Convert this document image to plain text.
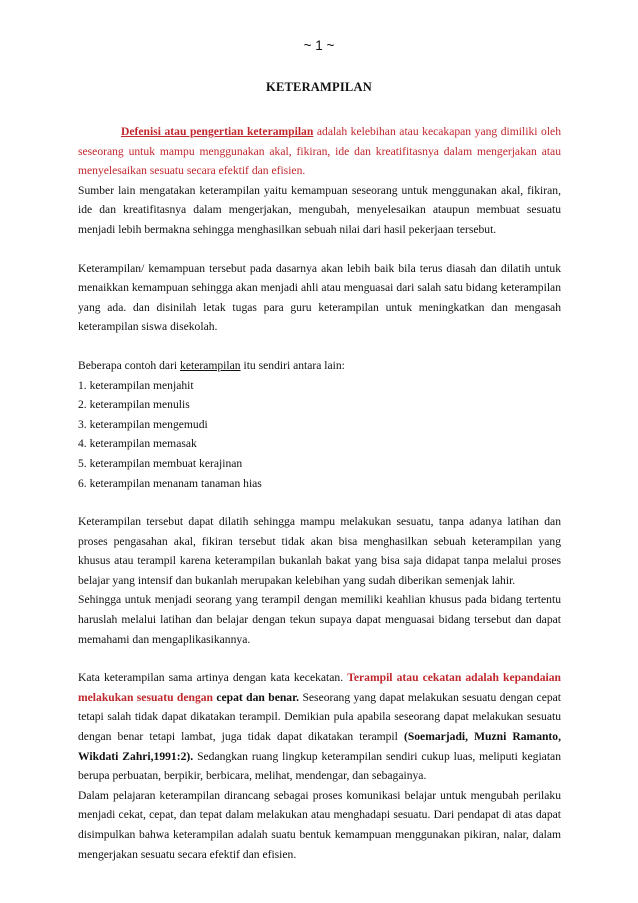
~ 1 ~
KETERAMPILAN

Defenisi atau pengertian keterampilan adalah kelebihan atau kecakapan yang dimiliki oleh seseorang untuk mampu menggunakan akal, fikiran, ide dan kreatifitasnya dalam mengerjakan atau menyelesaikan sesuatu secara efektif dan efisien.

Sumber lain mengatakan keterampilan yaitu kemampuan seseorang untuk menggunakan akal, fikiran, ide dan kreatifitasnya dalam mengerjakan, mengubah, menyelesaikan ataupun membuat sesuatu menjadi lebih bermakna sehingga menghasilkan sebuah nilai dari hasil pekerjaan tersebut.

Keterampilan/ kemampuan tersebut pada dasarnya akan lebih baik bila terus diasah dan dilatih untuk menaikkan kemampuan sehingga akan menjadi ahli atau menguasai dari salah satu bidang keterampilan yang ada. dan disinilah letak tugas para guru keterampilan untuk meningkatkan dan mengasah keterampilan siswa disekolah.

Beberapa contoh dari keterampilan itu sendiri antara lain:

1. keterampilan menjahit

2. keterampilan menulis

3. keterampilan mengemudi

4. keterampilan memasak

5. keterampilan membuat kerajinan

6. keterampilan menanam tanaman hias

Keterampilan tersebut dapat dilatih sehingga mampu melakukan sesuatu, tanpa adanya latihan dan proses pengasahan akal, fikiran tersebut tidak akan bisa menghasilkan sebuah keterampilan yang khusus atau terampil karena keterampilan bukanlah bakat yang bisa saja didapat tanpa melalui proses belajar yang intensif dan bukanlah merupakan kelebihan yang sudah diberikan semenjak lahir.

Sehingga untuk menjadi seorang yang terampil dengan memiliki keahlian khusus pada bidang tertentu haruslah melalui latihan dan belajar dengan tekun supaya dapat menguasai bidang tersebut dan dapat memahami dan mengaplikasikannya.

Kata keterampilan sama artinya dengan kata kecekatan. Terampil atau cekatan adalah kepandaian melakukan sesuatu dengan cepat dan benar. Seseorang yang dapat melakukan sesuatu dengan cepat tetapi salah tidak dapat dikatakan terampil. Demikian pula apabila seseorang dapat melakukan sesuatu dengan benar tetapi lambat, juga tidak dapat dikatakan terampil (Soemarjadi, Muzni Ramanto, Wikdati Zahri,1991:2). Sedangkan ruang lingkup keterampilan sendiri cukup luas, meliputi kegiatan berupa perbuatan, berpikir, berbicara, melihat, mendengar, dan sebagainya.

Dalam pelajaran keterampilan dirancang sebagai proses komunikasi belajar untuk mengubah perilaku menjadi cekat, cepat, dan tepat dalam melakukan atau menghadapi sesuatu. Dari pendapat di atas dapat disimpulkan bahwa keterampilan adalah suatu bentuk kemampuan menggunakan pikiran, nalar, dalam mengerjakan sesuatu secara efektif dan efisien.
